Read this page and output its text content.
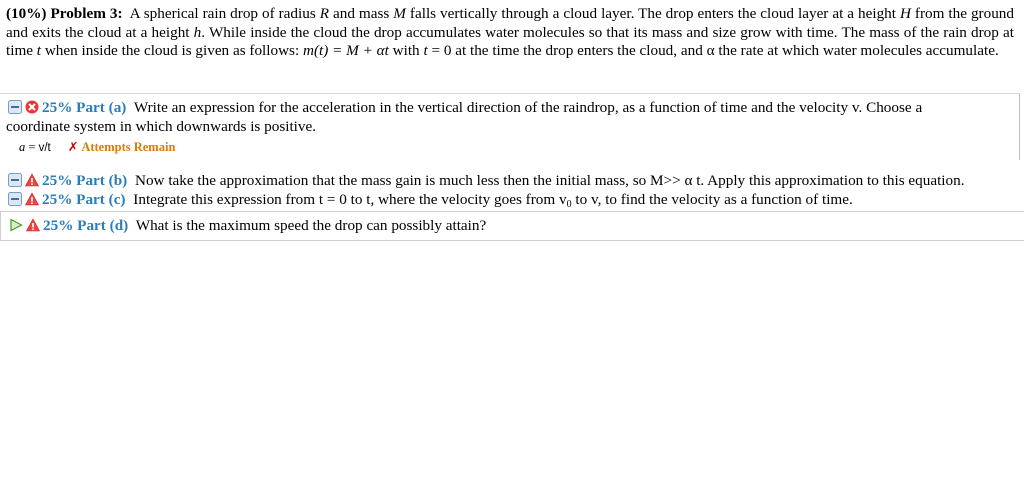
(10%) Problem 3: A spherical rain drop of radius R and mass M falls vertically through a cloud layer. The drop enters the cloud layer at a height H from the ground and exits the cloud at a height h. While inside the cloud the drop accumulates water molecules so that its mass and size grow with time. The mass of the rain drop at time t when inside the cloud is given as follows: m(t) = M + αt with t = 0 at the time the drop enters the cloud, and α the rate at which water molecules accumulate.
25% Part (a) Write an expression for the acceleration in the vertical direction of the raindrop, as a function of time and the velocity v. Choose a
coordinate system in which downwards is positive.
a = v/t ✗ Attempts Remain
25% Part (b) Now take the approximation that the mass gain is much less then the initial mass, so M>> α t. Apply this approximation to this equation.
25% Part (c) Integrate this expression from t = 0 to t, where the velocity goes from $v_0$ to v, to find the velocity as a function of time.
25% Part (d) What is the maximum speed the drop can possibly attain?
